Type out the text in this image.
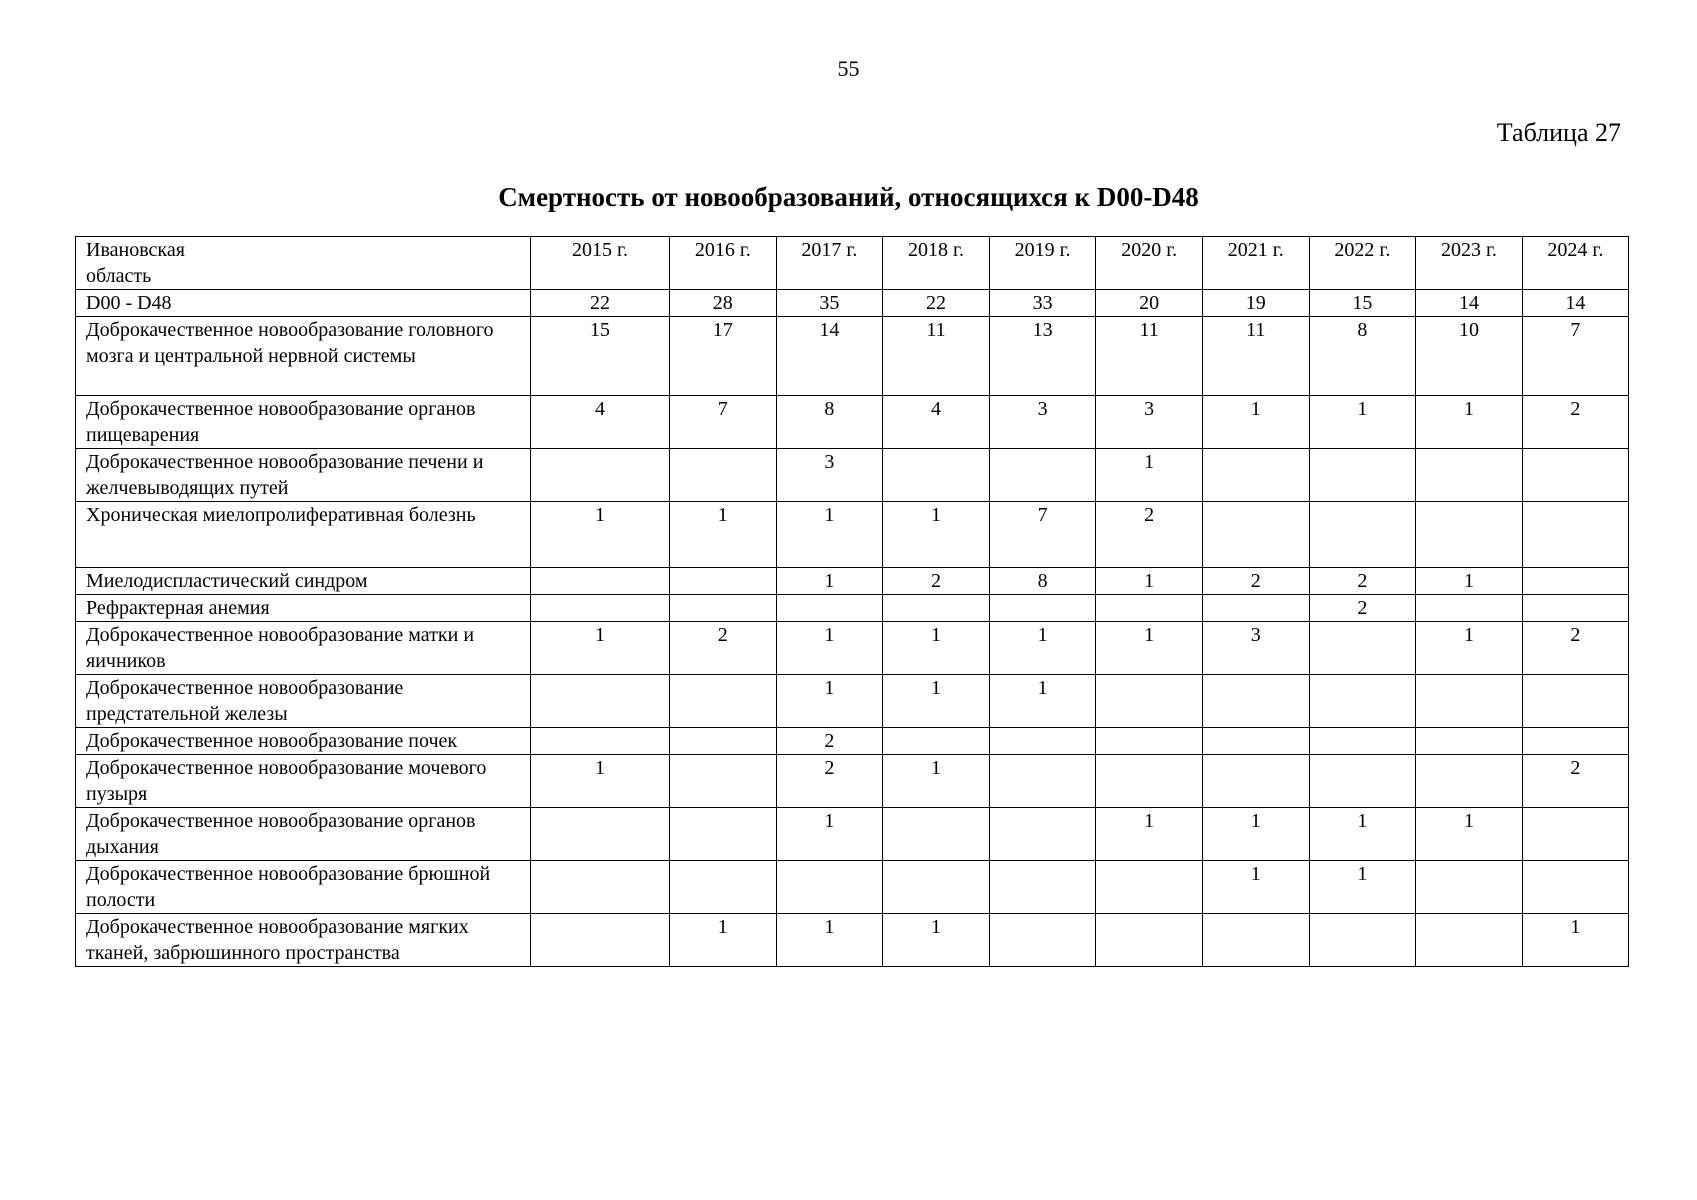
55
Таблица 27
Смертность от новообразований, относящихся к D00-D48
Ивановская
область	2015 г.	2016 г.	2017 г.	2018 г.	2019 г.	2020 г.	2021 г.	2022 г.	2023 г.	2024 г.
D00 - D48	22	28	35	22	33	20	19	15	14	14
Доброкачественное новообразование головного мозга и центральной нервной системы	15	17	14	11	13	11	11	8	10	7
Доброкачественное новообразование органов пищеварения	4	7	8	4	3	3	1	1	1	2
Доброкачественное новообразование печени и желчевыводящих путей			3			1				
Хроническая миелопролиферативная болезнь	1	1	1	1	7	2				
Миелодиспластический синдром			1	2	8	1	2	2	1	
Рефрактерная анемия								2		
Доброкачественное новообразование матки и яичников	1	2	1	1	1	1	3		1	2
Доброкачественное новообразование предстательной железы			1	1	1					
Доброкачественное новообразование почек			2							
Доброкачественное новообразование мочевого пузыря	1		2	1						2
Доброкачественное новообразование органов дыхания			1			1	1	1	1	
Доброкачественное новообразование брюшной полости							1	1		
Доброкачественное новообразование мягких тканей, забрюшинного пространства		1	1	1						1
